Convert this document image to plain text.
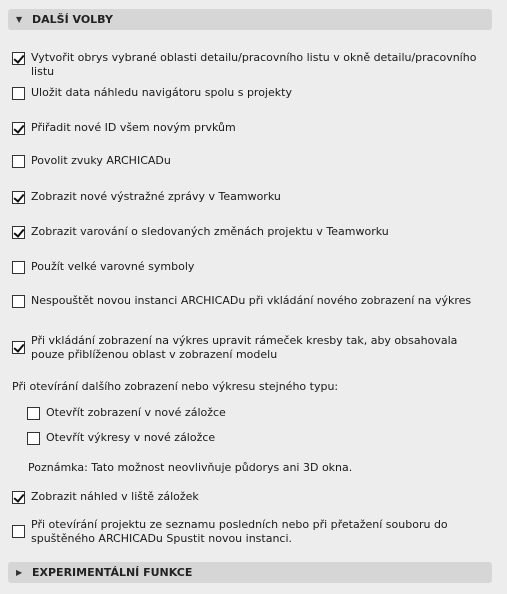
▼ DALŠÍ VOLBY
Vytvořit obrys vybrané oblasti detailu/pracovního listu v okně detailu/pracovního listu
Uložit data náhledu navigátoru spolu s projekty
Přiřadit nové ID všem novým prvkům
Povolit zvuky ARCHICADu
Zobrazit nové výstražné zprávy v Teamworku
Zobrazit varování o sledovaných změnách projektu v Teamworku
Použít velké varovné symboly
Nespouštět novou instanci ARCHICADu při vkládání nového zobrazení na výkres
Při vkládání zobrazení na výkres upravit rámeček kresby tak, aby obsahovala pouze přiblíženou oblast v zobrazení modelu
Při otevírání dalšího zobrazení nebo výkresu stejného typu:
Otevřít zobrazení v nové záložce
Otevřít výkresy v nové záložce
Poznámka: Tato možnost neovlivňuje půdorys ani 3D okna.
Zobrazit náhled v liště záložek
Při otevírání projektu ze seznamu posledních nebo při přetažení souboru do spuštěného ARCHICADu Spustit novou instanci.
▶ EXPERIMENTÁLNÍ FUNKCE
